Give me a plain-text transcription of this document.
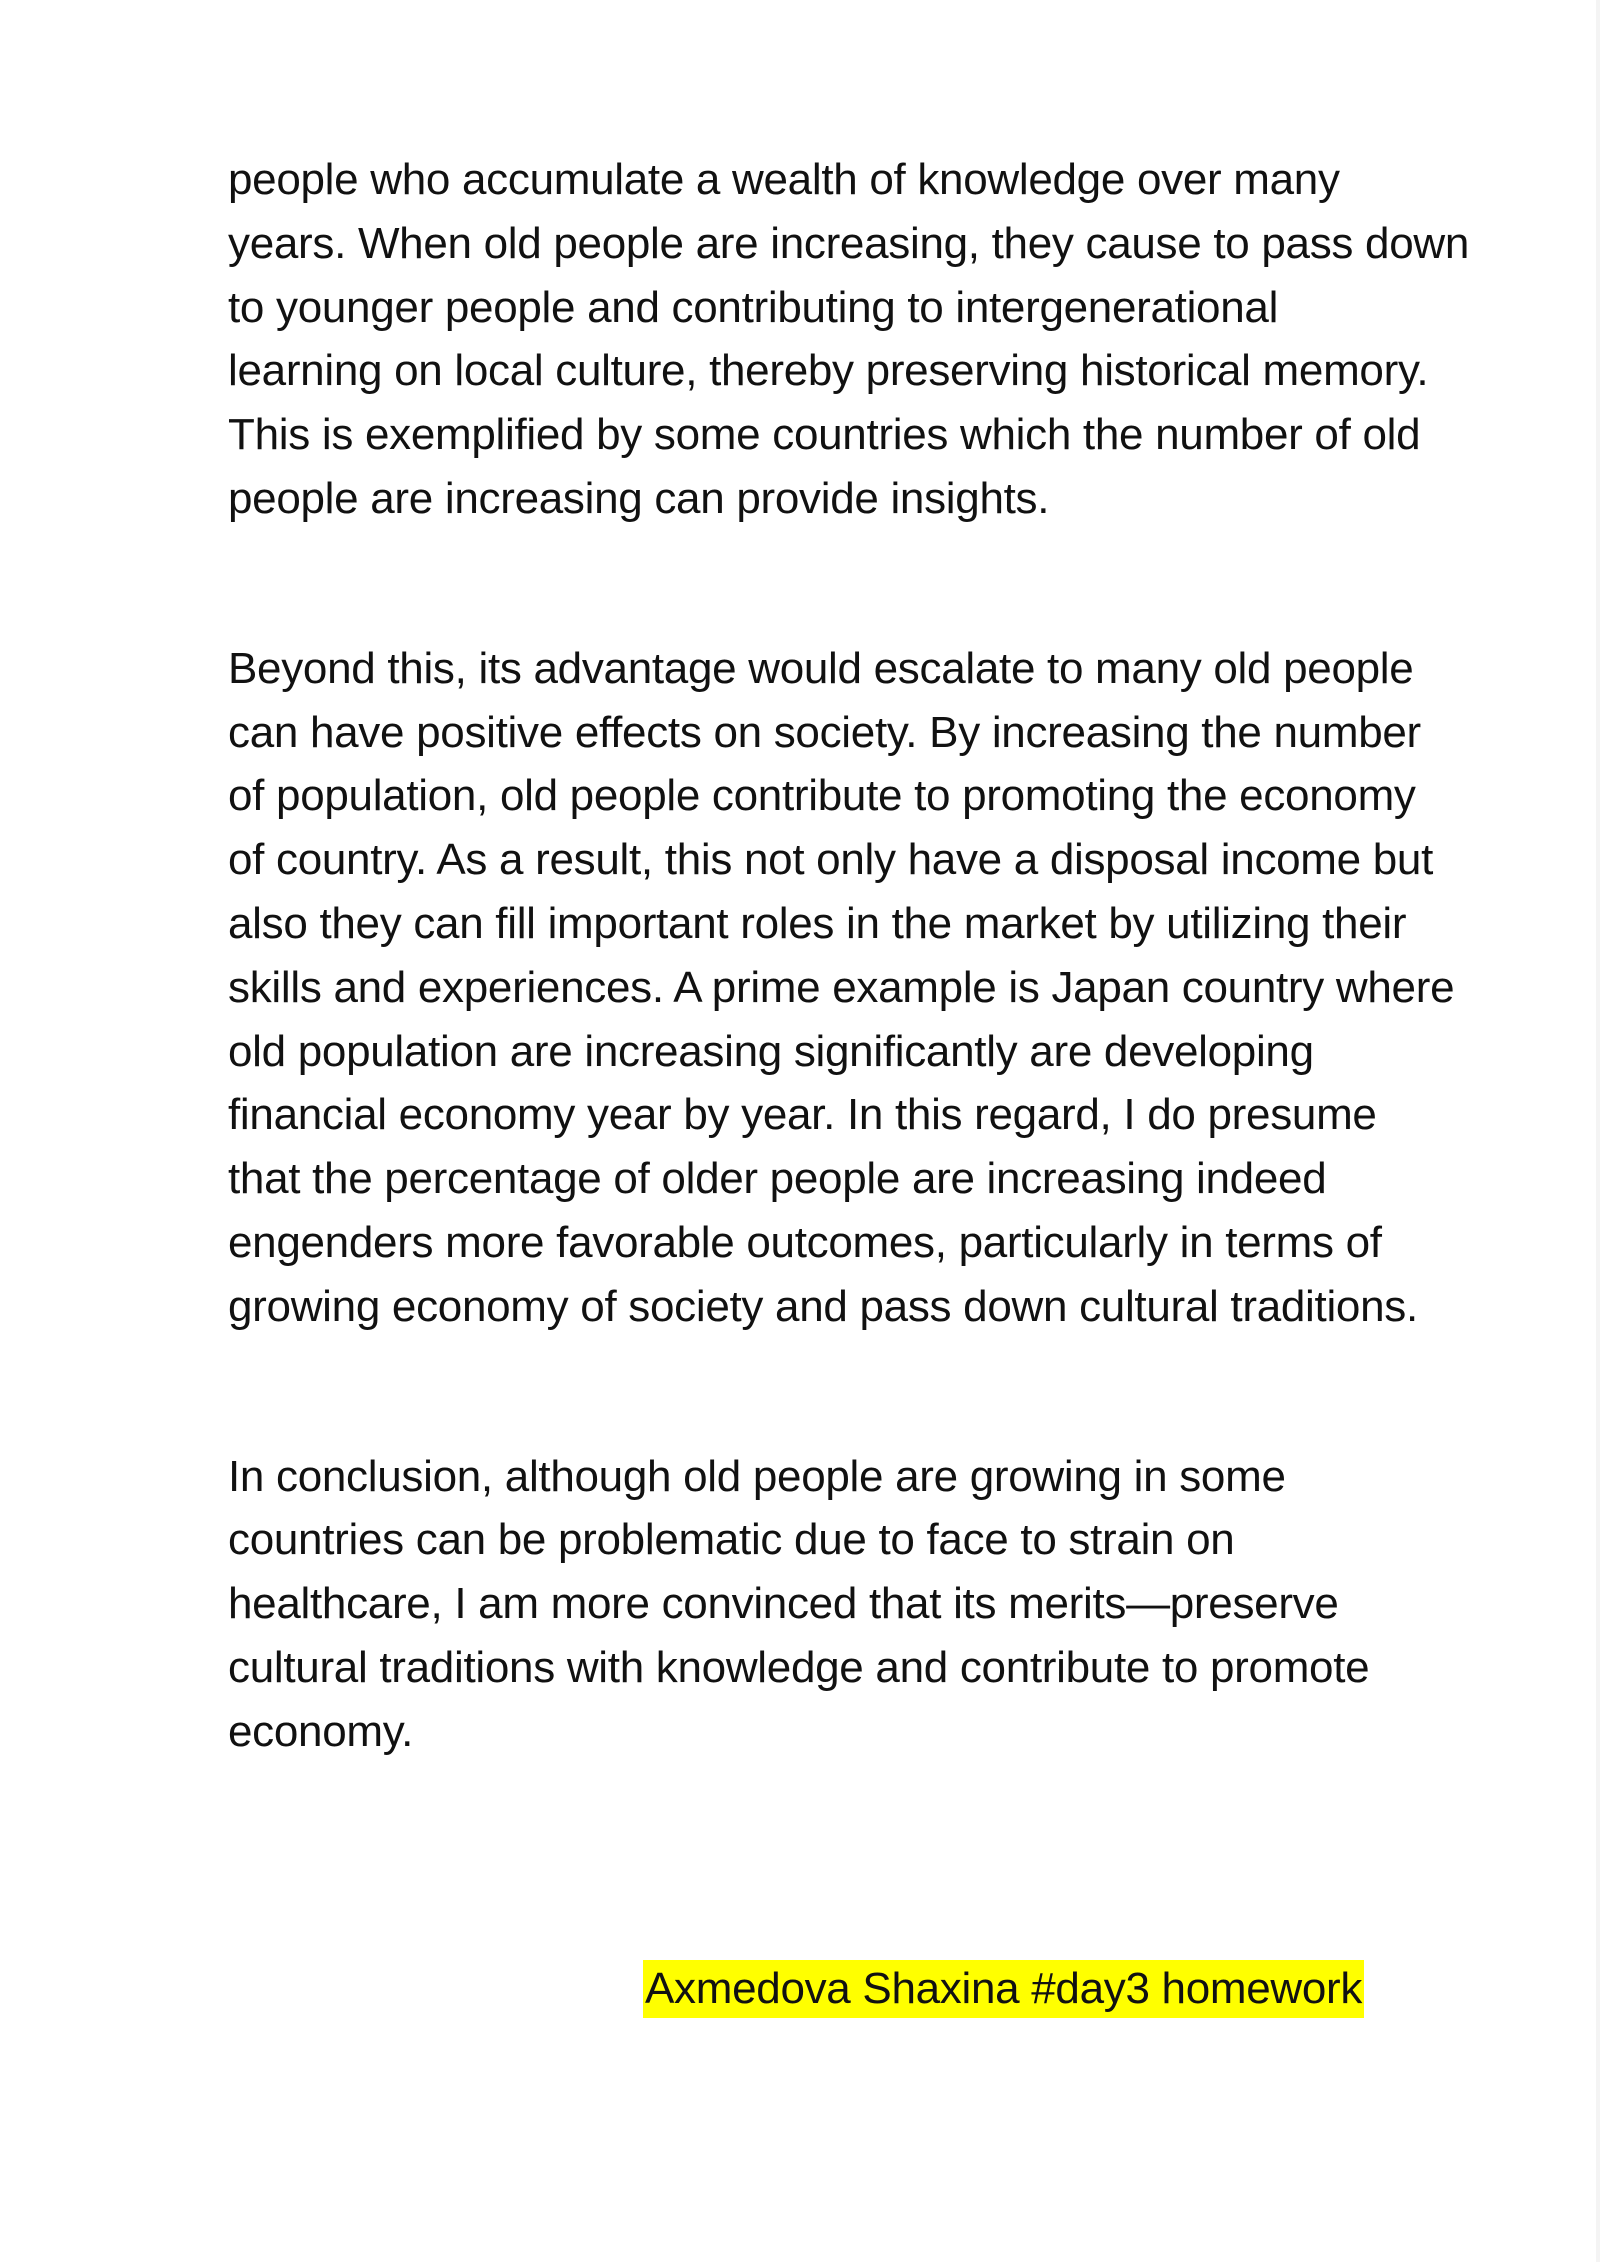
people who accumulate a wealth of knowledge over many
years. When old people are increasing, they cause to pass down
to younger people and contributing to intergenerational
learning on local culture, thereby preserving historical memory.
This is exemplified by some countries which the number of old
people are increasing can provide insights.

Beyond this, its advantage would escalate to many old people
can have positive effects on society. By increasing the number
of population, old people contribute to promoting the economy
of country. As a result, this not only have a disposal income but
also they can fill important roles in the market by utilizing their
skills and experiences. A prime example is Japan country where
old population are increasing significantly are developing
financial economy year by year. In this regard, I do presume
that the percentage of older people are increasing indeed
engenders more favorable outcomes, particularly in terms of
growing economy of society and pass down cultural traditions.

In conclusion, although old people are growing in some
countries can be problematic due to face to strain on
healthcare, I am more convinced that its merits—preserve
cultural traditions with knowledge and contribute to promote
economy.

Axmedova Shaxina #day3 homework
